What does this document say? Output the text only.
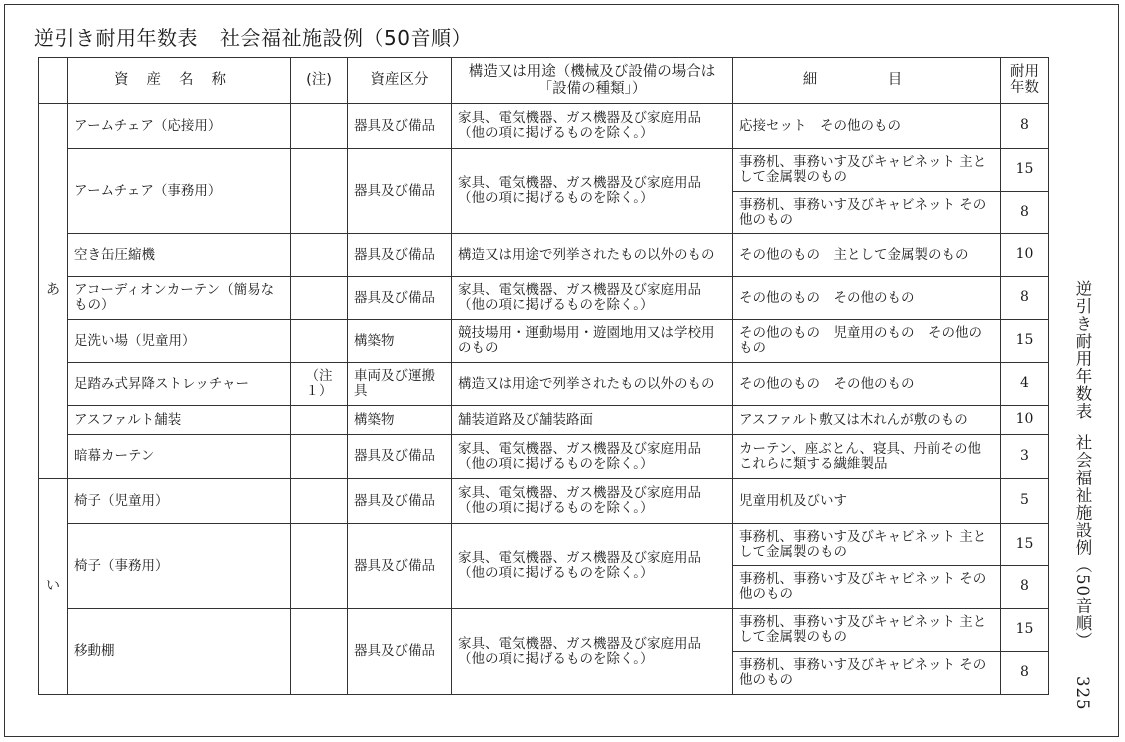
逆引き耐用年数表 社会福祉施設例（50音順）
	資産名称	(注)	資産区分	構造又は用途（機械及び設備の場合は「設備の種類」）	細　目	耐用年数
あ	アームチェア（応接用）		器具及び備品	家具、電気機器、ガス機器及び家庭用品（他の項に掲げるものを除く。）	応接セット　その他のもの	8
	アームチェア（事務用）		器具及び備品	家具、電気機器、ガス機器及び家庭用品（他の項に掲げるものを除く。）	事務机、事務いす及びキャビネット 主として金属製のもの	15
					事務机、事務いす及びキャビネット その他のもの	8
	空き缶圧縮機		器具及び備品	構造又は用途で列挙されたもの以外のもの	その他のもの　主として金属製のもの	10
	アコーディオンカーテン（簡易なもの）		器具及び備品	家具、電気機器、ガス機器及び家庭用品（他の項に掲げるものを除く。）	その他のもの　その他のもの	8
	足洗い場（児童用）		構築物	競技場用・運動場用・遊園地用又は学校用のもの	その他のもの　児童用のもの　その他のもの	15
	足踏み式昇降ストレッチャー	（注１）	車両及び運搬具	構造又は用途で列挙されたもの以外のもの	その他のもの　その他のもの	4
	アスファルト舗装		構築物	舗装道路及び舗装路面	アスファルト敷又は木れんが敷のもの	10
	暗幕カーテン		器具及び備品	家具、電気機器、ガス機器及び家庭用品（他の項に掲げるものを除く。）	カーテン、座ぶとん、寝具、丹前その他これらに類する繊維製品	3
い	椅子（児童用）		器具及び備品	家具、電気機器、ガス機器及び家庭用品（他の項に掲げるものを除く。）	児童用机及びいす	5
	椅子（事務用）		器具及び備品	家具、電気機器、ガス機器及び家庭用品（他の項に掲げるものを除く。）	事務机、事務いす及びキャビネット 主として金属製のもの	15
					事務机、事務いす及びキャビネット その他のもの	8
	移動棚		器具及び備品	家具、電気機器、ガス機器及び家庭用品（他の項に掲げるものを除く。）	事務机、事務いす及びキャビネット 主として金属製のもの	15
					事務机、事務いす及びキャビネット その他のもの	8
逆引き耐用年数表社会福祉施設例（50音順）325
